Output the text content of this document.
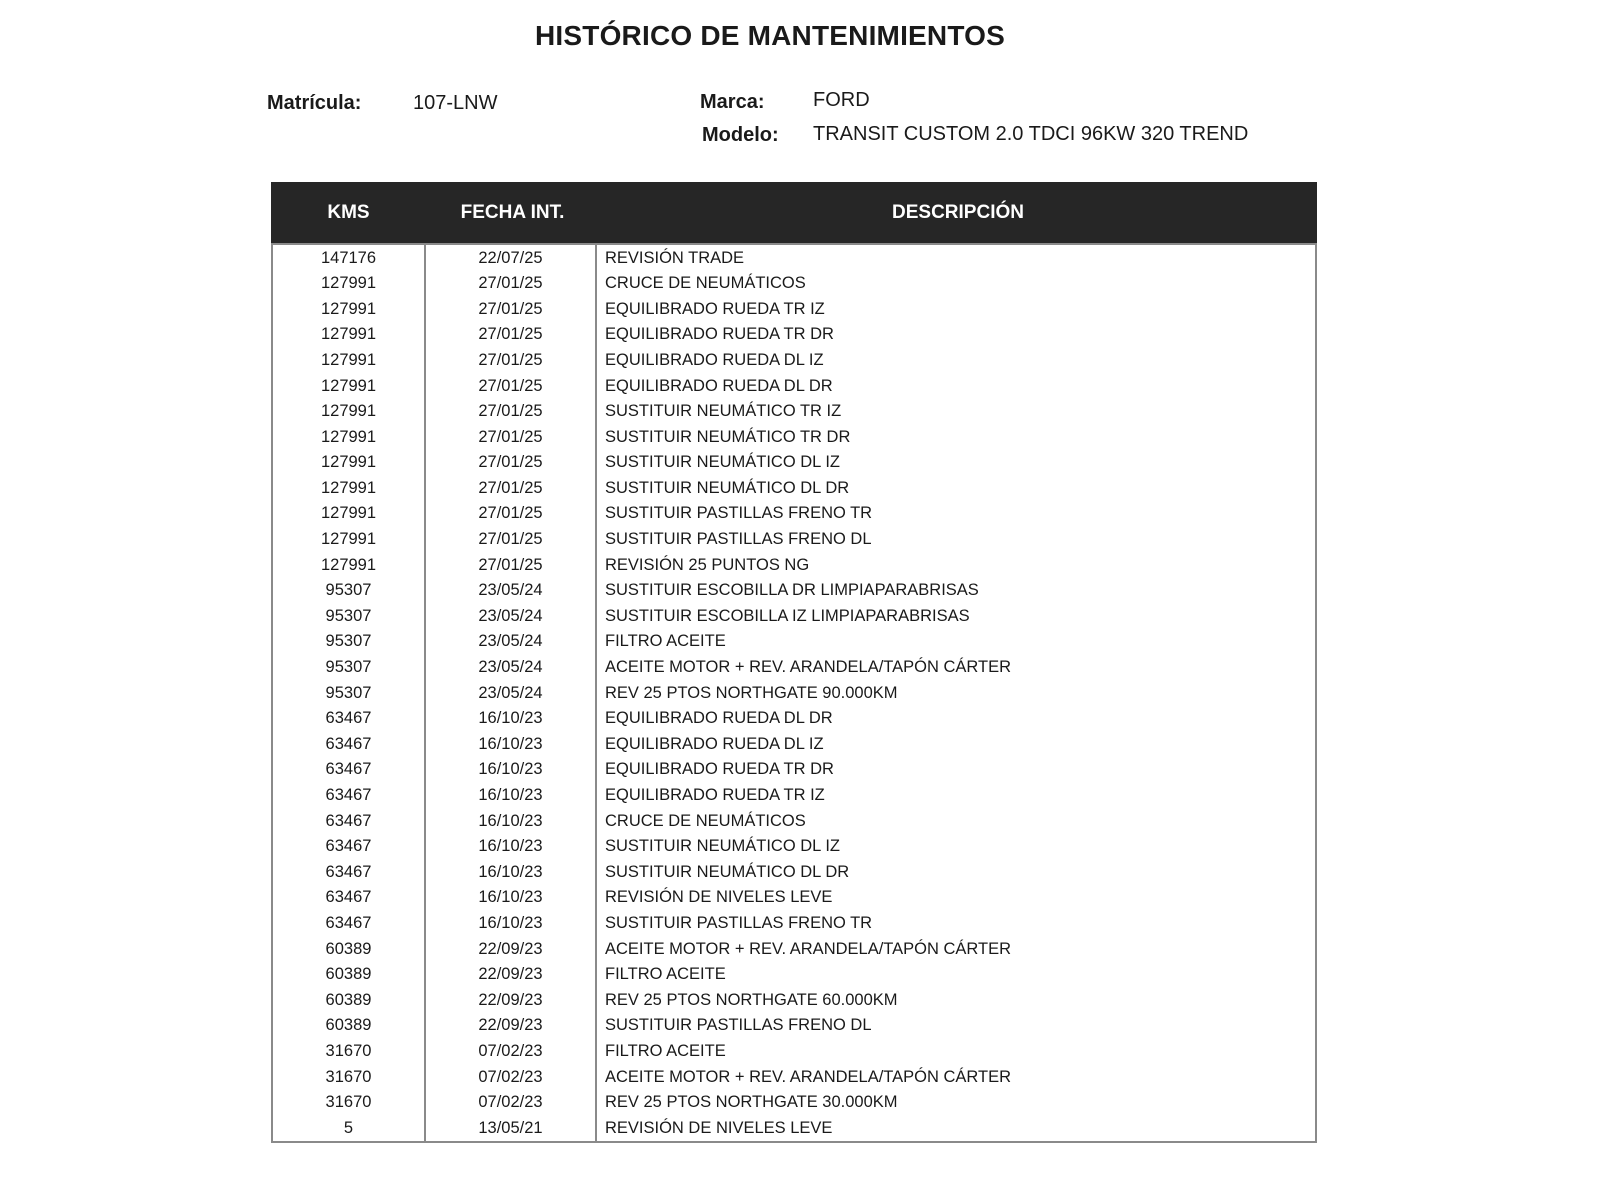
HISTÓRICO DE MANTENIMIENTOS
Matrícula:	107-LNW	Marca: FORD
Modelo: TRANSIT CUSTOM 2.0 TDCI 96KW 320 TREND
KMS	FECHA INT.	DESCRIPCIÓN
147176	22/07/25	REVISIÓN TRADE
127991	27/01/25	CRUCE DE NEUMÁTICOS
127991	27/01/25	EQUILIBRADO RUEDA TR IZ
127991	27/01/25	EQUILIBRADO RUEDA TR DR
127991	27/01/25	EQUILIBRADO RUEDA DL IZ
127991	27/01/25	EQUILIBRADO RUEDA DL DR
127991	27/01/25	SUSTITUIR NEUMÁTICO TR IZ
127991	27/01/25	SUSTITUIR NEUMÁTICO TR DR
127991	27/01/25	SUSTITUIR NEUMÁTICO DL IZ
127991	27/01/25	SUSTITUIR NEUMÁTICO DL DR
127991	27/01/25	SUSTITUIR PASTILLAS FRENO TR
127991	27/01/25	SUSTITUIR PASTILLAS FRENO DL
127991	27/01/25	REVISIÓN 25 PUNTOS NG
95307	23/05/24	SUSTITUIR ESCOBILLA DR LIMPIAPARABRISAS
95307	23/05/24	SUSTITUIR ESCOBILLA IZ LIMPIAPARABRISAS
95307	23/05/24	FILTRO ACEITE
95307	23/05/24	ACEITE MOTOR + REV. ARANDELA/TAPÓN CÁRTER
95307	23/05/24	REV 25 PTOS NORTHGATE 90.000KM
63467	16/10/23	EQUILIBRADO RUEDA DL DR
63467	16/10/23	EQUILIBRADO RUEDA DL IZ
63467	16/10/23	EQUILIBRADO RUEDA TR DR
63467	16/10/23	EQUILIBRADO RUEDA TR IZ
63467	16/10/23	CRUCE DE NEUMÁTICOS
63467	16/10/23	SUSTITUIR NEUMÁTICO DL IZ
63467	16/10/23	SUSTITUIR NEUMÁTICO DL DR
63467	16/10/23	REVISIÓN DE NIVELES LEVE
63467	16/10/23	SUSTITUIR PASTILLAS FRENO TR
60389	22/09/23	ACEITE MOTOR + REV. ARANDELA/TAPÓN CÁRTER
60389	22/09/23	FILTRO ACEITE
60389	22/09/23	REV 25 PTOS NORTHGATE 60.000KM
60389	22/09/23	SUSTITUIR PASTILLAS FRENO DL
31670	07/02/23	FILTRO ACEITE
31670	07/02/23	ACEITE MOTOR + REV. ARANDELA/TAPÓN CÁRTER
31670	07/02/23	REV 25 PTOS NORTHGATE 30.000KM
5	13/05/21	REVISIÓN DE NIVELES LEVE
